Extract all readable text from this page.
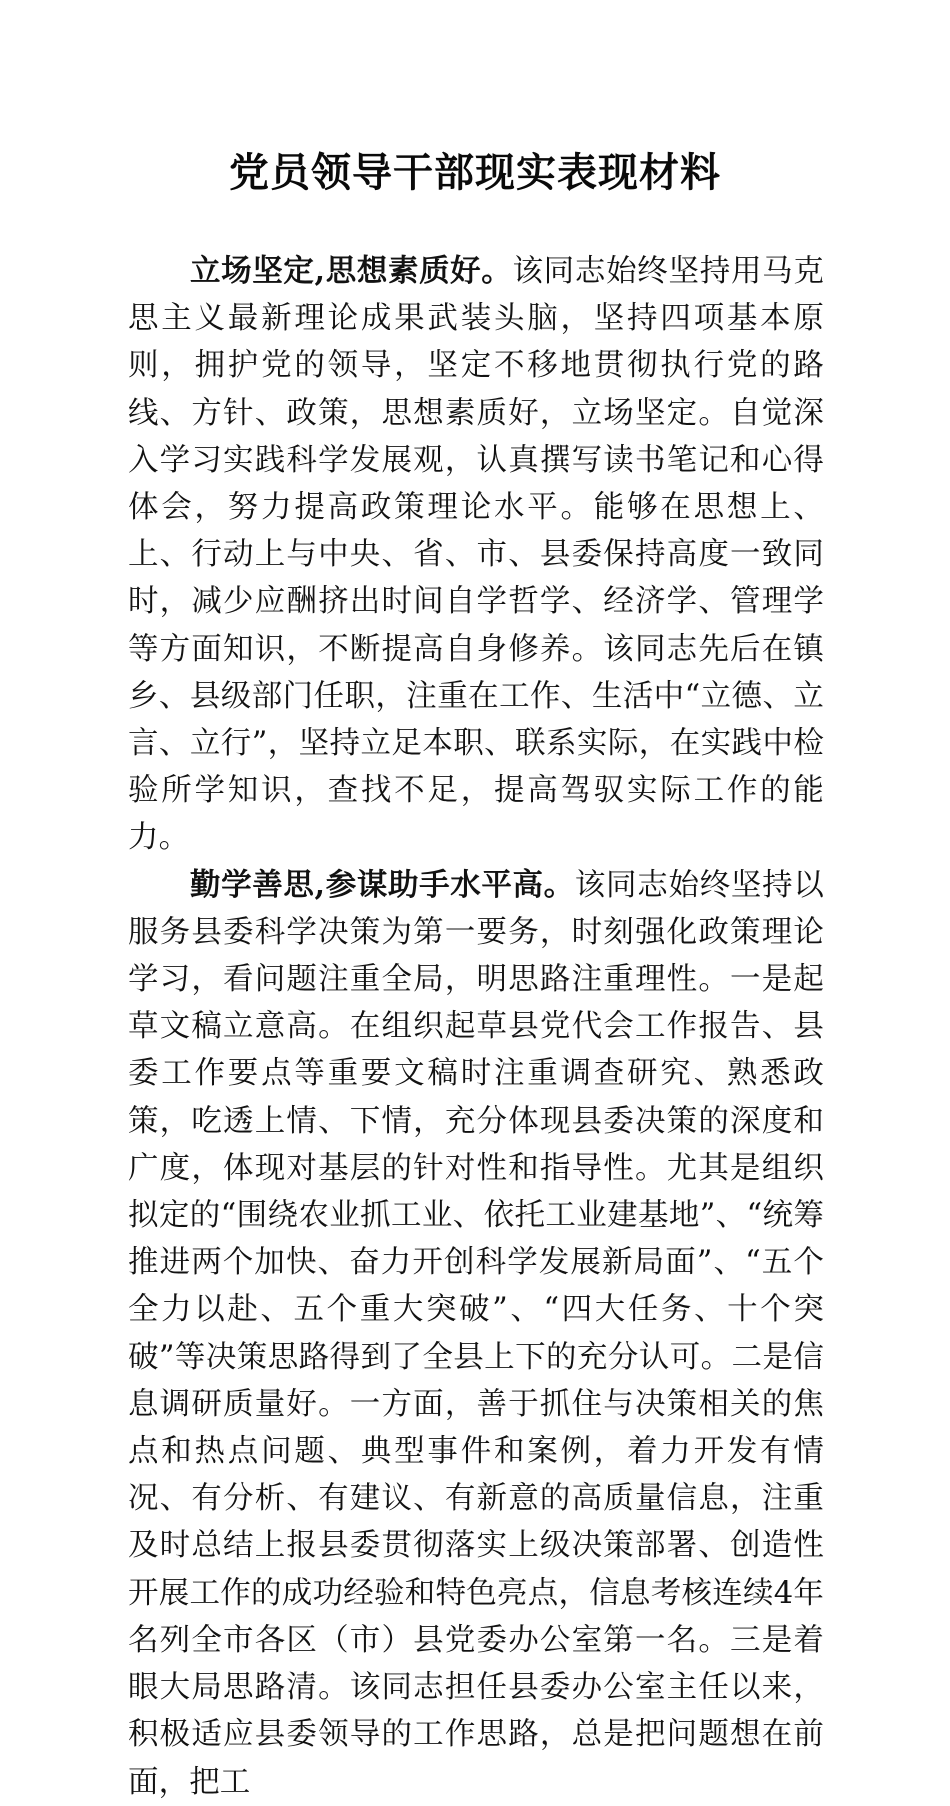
党员领导干部现实表现材料

立场坚定,思想素质好。该同志始终坚持用马克思主义最新理论成果武装头脑，坚持四项基本原则，拥护党的领导，坚定不移地贯彻执行党的路线、方针、政策，思想素质好，立场坚定。自觉深入学习实践科学发展观，认真撰写读书笔记和心得体会，努力提高政策理论水平。能够在思想上、上、行动上与中央、省、市、县委保持高度一致同时，减少应酬挤出时间自学哲学、经济学、管理学等方面知识，不断提高自身修养。该同志先后在镇乡、县级部门任职，注重在工作、生活中“立德、立言、立行”，坚持立足本职、联系实际，在实践中检验所学知识，查找不足，提高驾驭实际工作的能力。

勤学善思,参谋助手水平高。该同志始终坚持以服务县委科学决策为第一要务，时刻强化政策理论学习，看问题注重全局，明思路注重理性。一是起草文稿立意高。在组织起草县党代会工作报告、县委工作要点等重要文稿时注重调查研究、熟悉政策，吃透上情、下情，充分体现县委决策的深度和广度，体现对基层的针对性和指导性。尤其是组织拟定的“围绕农业抓工业、依托工业建基地”、“统筹推进两个加快、奋力开创科学发展新局面”、“五个全力以赴、五个重大突破”、“四大任务、十个突破”等决策思路得到了全县上下的充分认可。二是信息调研质量好。一方面，善于抓住与决策相关的焦点和热点问题、典型事件和案例，着力开发有情况、有分析、有建议、有新意的高质量信息，注重及时总结上报县委贯彻落实上级决策部署、创造性开展工作的成功经验和特色亮点，信息考核连续4年名列全市各区（市）县党委办公室第一名。三是着眼大局思路清。该同志担任县委办公室主任以来，积极适应县委领导的工作思路，总是把问题想在前面，把工
